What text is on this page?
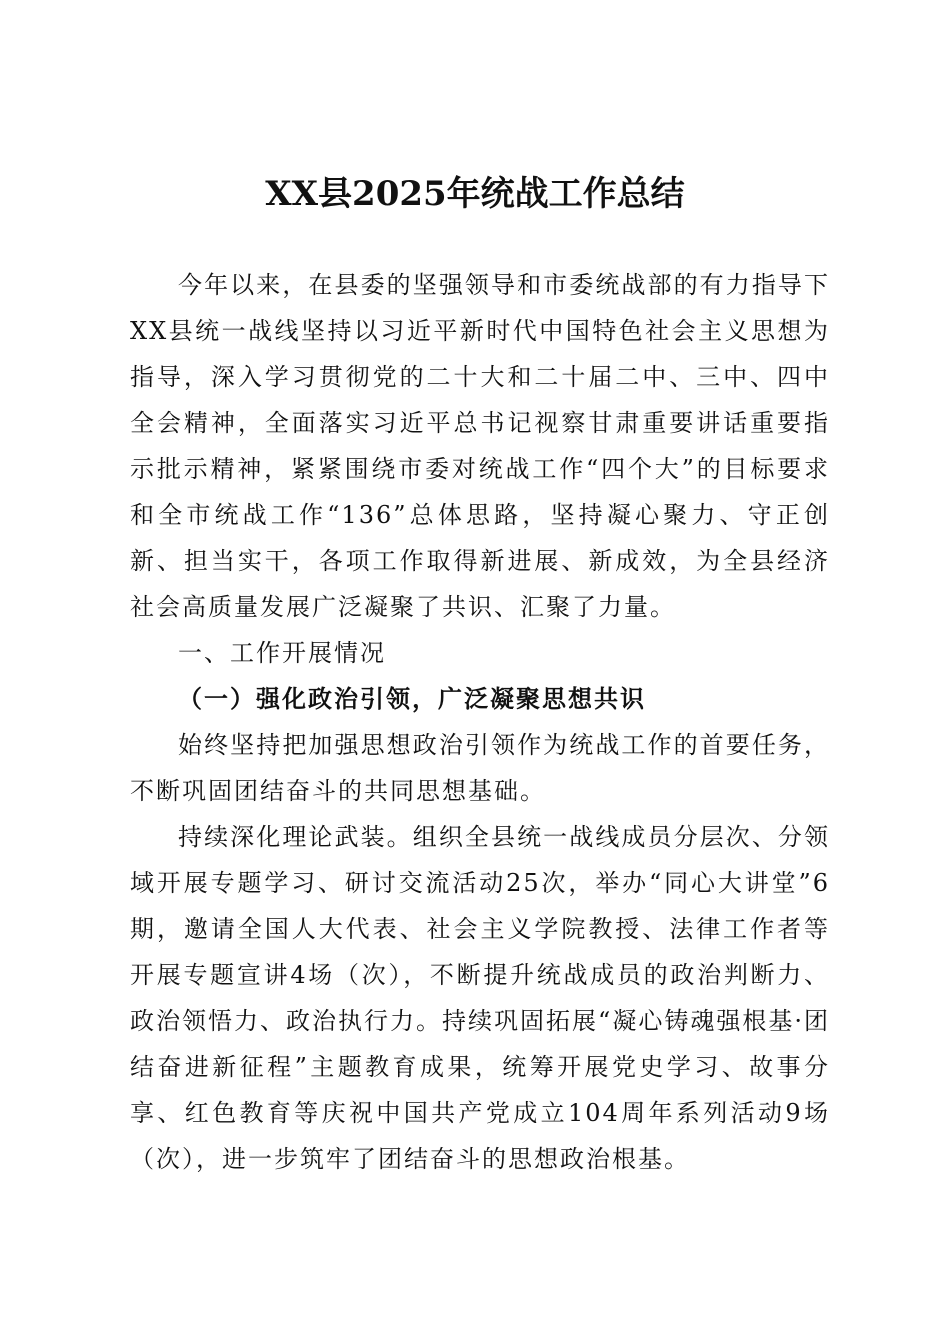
XX县2025年统战工作总结

今年以来，在县委的坚强领导和市委统战部的有力指导下XX县统一战线坚持以习近平新时代中国特色社会主义思想为指导，深入学习贯彻党的二十大和二十届二中、三中、四中全会精神，全面落实习近平总书记视察甘肃重要讲话重要指示批示精神，紧紧围绕市委对统战工作“四个大”的目标要求和全市统战工作“136”总体思路，坚持凝心聚力、守正创新、担当实干，各项工作取得新进展、新成效，为全县经济社会高质量发展广泛凝聚了共识、汇聚了力量。

一、工作开展情况

（一）强化政治引领，广泛凝聚思想共识

始终坚持把加强思想政治引领作为统战工作的首要任务，不断巩固团结奋斗的共同思想基础。

持续深化理论武装。组织全县统一战线成员分层次、分领域开展专题学习、研讨交流活动25次，举办“同心大讲堂”6期，邀请全国人大代表、社会主义学院教授、法律工作者等开展专题宣讲4场（次），不断提升统战成员的政治判断力、政治领悟力、政治执行力。持续巩固拓展“凝心铸魂强根基·团结奋进新征程”主题教育成果，统筹开展党史学习、故事分享、红色教育等庆祝中国共产党成立104周年系列活动9场（次），进一步筑牢了团结奋斗的思想政治根基。
